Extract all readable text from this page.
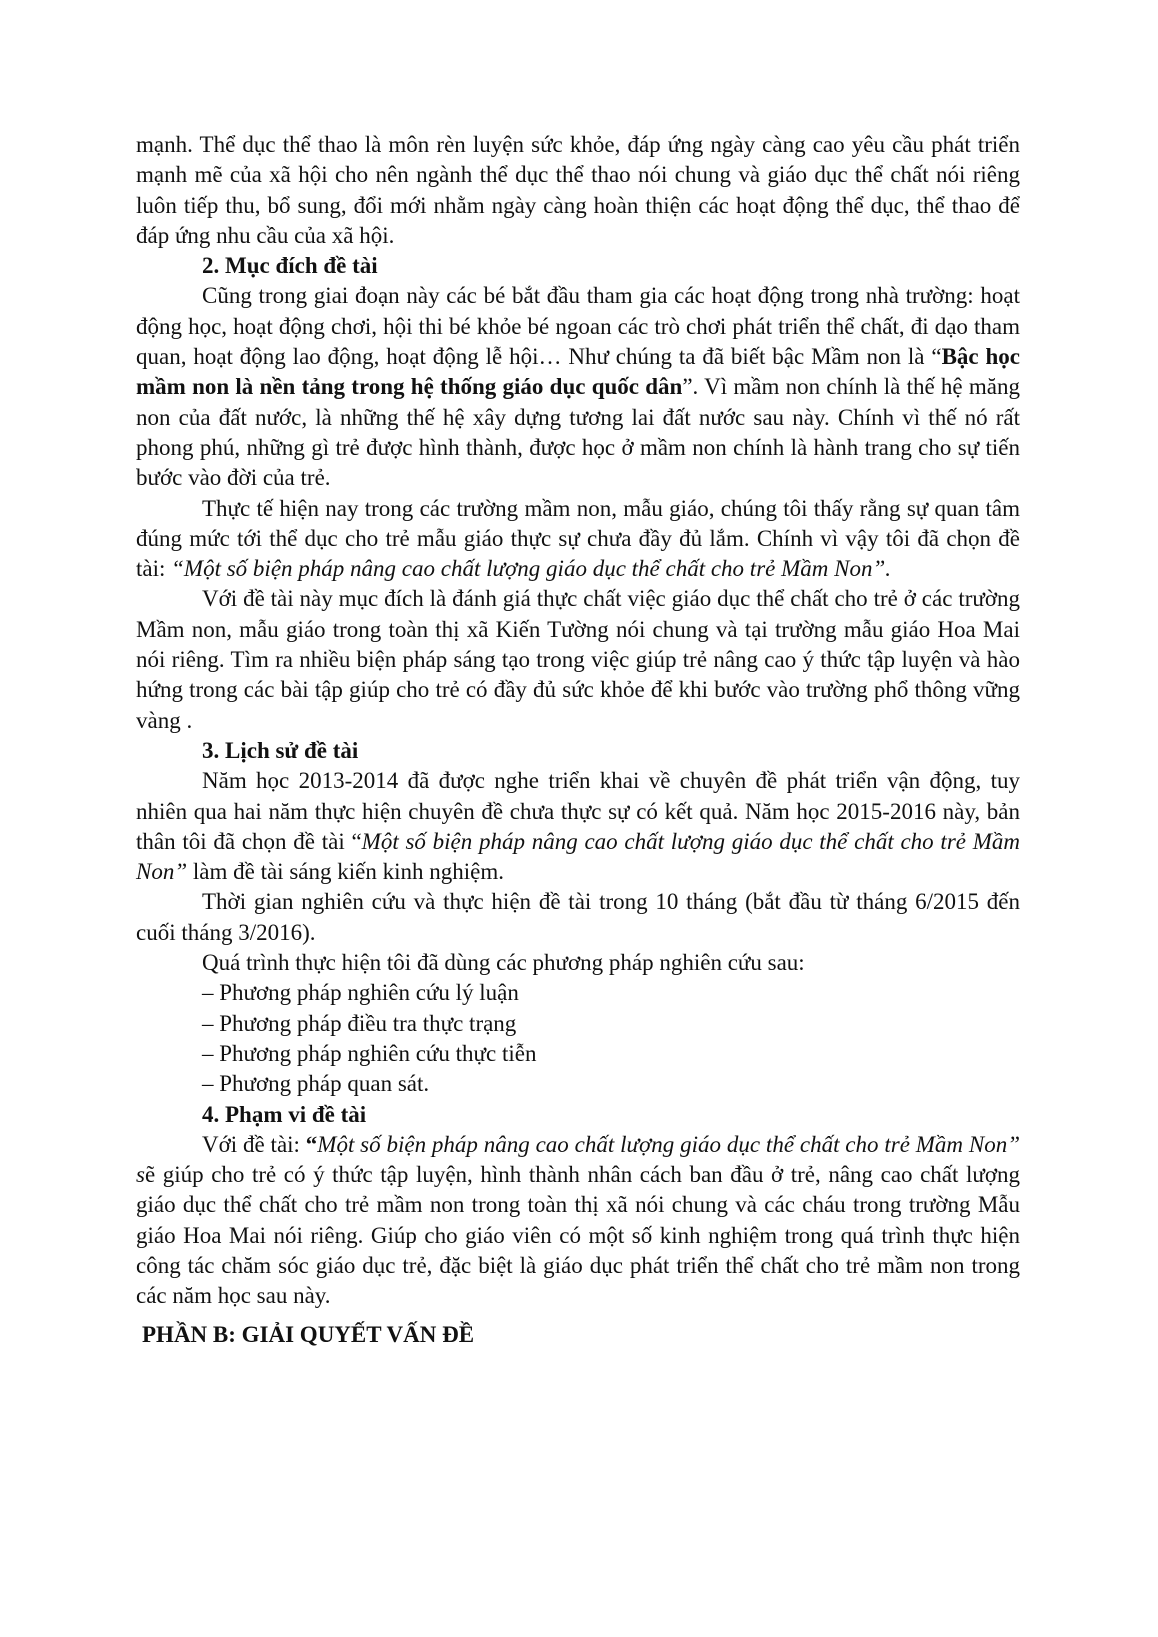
mạnh. Thể dục thể thao là môn rèn luyện sức khỏe, đáp ứng ngày càng cao yêu cầu phát triển mạnh mẽ của xã hội cho nên ngành thể dục thể thao nói chung và giáo dục thể chất nói riêng luôn tiếp thu, bổ sung, đổi mới nhằm ngày càng hoàn thiện các hoạt động thể dục, thể thao để đáp ứng nhu cầu của xã hội.

2. Mục đích đề tài

Cũng trong giai đoạn này các bé bắt đầu tham gia các hoạt động trong nhà trường: hoạt động học, hoạt động chơi, hội thi bé khỏe bé ngoan các trò chơi phát triển thể chất, đi dạo tham quan, hoạt động lao động, hoạt động lễ hội… Như chúng ta đã biết bậc Mầm non là “Bậc học mầm non là nền tảng trong hệ thống giáo dục quốc dân”. Vì mầm non chính là thế hệ măng non của đất nước, là những thế hệ xây dựng tương lai đất nước sau này. Chính vì thế nó rất phong phú, những gì trẻ được hình thành, được học ở mầm non chính là hành trang cho sự tiến bước vào đời của trẻ.

Thực tế hiện nay trong các trường mầm non, mẫu giáo, chúng tôi thấy rằng sự quan tâm đúng mức tới thể dục cho trẻ mẫu giáo thực sự chưa đầy đủ lắm. Chính vì vậy tôi đã chọn đề tài: “Một số biện pháp nâng cao chất lượng giáo dục thể chất cho trẻ Mầm Non”.

Với đề tài này mục đích là đánh giá thực chất việc giáo dục thể chất cho trẻ ở các trường Mầm non, mẫu giáo trong toàn thị xã Kiến Tường nói chung và tại trường mẫu giáo Hoa Mai nói riêng. Tìm ra nhiều biện pháp sáng tạo trong việc giúp trẻ nâng cao ý thức tập luyện và hào hứng trong các bài tập giúp cho trẻ có đầy đủ sức khỏe để khi bước vào trường phổ thông vững vàng .

3. Lịch sử đề tài

Năm học 2013-2014 đã được nghe triển khai về chuyên đề phát triển vận động, tuy nhiên qua hai năm thực hiện chuyên đề chưa thực sự có kết quả. Năm học 2015-2016 này, bản thân tôi đã chọn đề tài “Một số biện pháp nâng cao chất lượng giáo dục thể chất cho trẻ Mầm Non” làm đề tài sáng kiến kinh nghiệm.

Thời gian nghiên cứu và thực hiện đề tài trong 10 tháng (bắt đầu từ tháng 6/2015 đến cuối tháng 3/2016).

Quá trình thực hiện tôi đã dùng các phương pháp nghiên cứu sau:

– Phương pháp nghiên cứu lý luận

– Phương pháp điều tra thực trạng

– Phương pháp nghiên cứu thực tiễn

– Phương pháp quan sát.

4. Phạm vi đề tài

Với đề tài: “Một số biện pháp nâng cao chất lượng giáo dục thể chất cho trẻ Mầm Non” sẽ giúp cho trẻ có ý thức tập luyện, hình thành nhân cách ban đầu ở trẻ, nâng cao chất lượng giáo dục thể chất cho trẻ mầm non trong toàn thị xã nói chung và các cháu trong trường Mẫu giáo Hoa Mai nói riêng. Giúp cho giáo viên có một số kinh nghiệm trong quá trình thực hiện công tác chăm sóc giáo dục trẻ, đặc biệt là giáo dục phát triển thể chất cho trẻ mầm non trong các năm học sau này.

PHẦN B: GIẢI QUYẾT VẤN ĐỀ
